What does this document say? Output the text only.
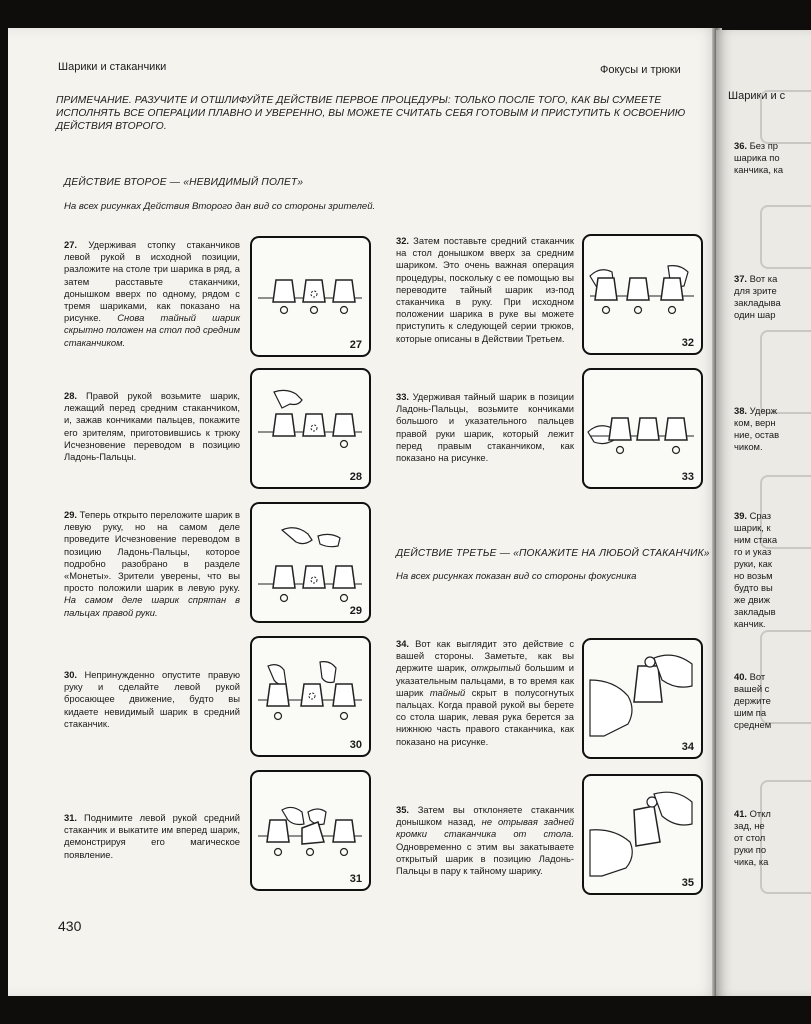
Шарики и с
36. Без пр
шарика по
канчика, ка
37. Вот ка
для зрите
закладыва
один шар
38. Удерж
ком, верн
ние, остав
чиком.
39. Сраз
шарик, к
ним стака
го и указ
руки, как
но возьм
будто вы
же движ
закладыв
канчик.
40. Вот
вашей с
держите
шим па
среднем
41. Откл
зад, не
от стол
руки по
чика, ка
Шарики и стаканчики	Фокусы и трюки
ПРИМЕЧАНИЕ. РАЗУЧИТЕ И ОТШЛИФУЙТЕ ДЕЙСТВИЕ ПЕРВОЕ ПРОЦЕДУРЫ: ТОЛЬКО ПОСЛЕ ТОГО, КАК ВЫ СУМЕЕТЕ ИСПОЛНЯТЬ ВСЕ ОПЕРАЦИИ ПЛАВНО И УВЕРЕННО, ВЫ МОЖЕТЕ СЧИТАТЬ СЕБЯ ГОТОВЫМ И ПРИСТУПИТЬ К ОСВОЕНИЮ ДЕЙСТВИЯ ВТОРОГО.
ДЕЙСТВИЕ ВТОРОЕ — «НЕВИДИМЫЙ ПОЛЕТ»
На всех рисунках Действия Второго дан вид со стороны зрителей.
27. Удерживая стопку стаканчиков левой рукой в исходной позиции, разложите на столе три шарика в ряд, а затем расставьте стаканчики, донышком вверх по одному, рядом с тремя шариками, как показано на рисунке. Снова тайный шарик скрытно положен на стол под средним стаканчиком.
28. Правой рукой возьмите шарик, лежащий перед средним стаканчиком, и, зажав кончиками пальцев, покажите его зрителям, приготовившись к трюку Исчезновение переводом в позицию Ладонь-Пальцы.
29. Теперь открыто переложите шарик в левую руку, но на самом деле проведите Исчезновение переводом в позицию Ладонь-Пальцы, которое подробно разобрано в разделе «Монеты». Зрители уверены, что вы просто положили шарик в левую руку. На самом деле шарик спрятан в пальцах правой руки.
30. Непринужденно опустите правую руку и сделайте левой рукой бросающее движение, будто вы кидаете невидимый шарик в средний стаканчик.
31. Поднимите левой рукой средний стаканчик и выкатите им вперед шарик, демонстрируя его магическое появление.
32. Затем поставьте средний стаканчик на стол донышком вверх за средним шариком. Это очень важная операция процедуры, поскольку с ее помощью вы переводите тайный шарик из-под стаканчика в руку. При исходном положении шарика в руке вы можете приступить к следующей серии трюков, которые описаны в Действии Третьем.
33. Удерживая тайный шарик в позиции Ладонь-Пальцы, возьмите кончиками большого и указательного пальцев правой руки шарик, который лежит перед правым стаканчиком, как показано на рисунке.
ДЕЙСТВИЕ ТРЕТЬЕ — «ПОКАЖИТЕ НА ЛЮБОЙ СТАКАНЧИК»
На всех рисунках показан вид со стороны фокусника
34. Вот как выглядит это действие с вашей стороны. Заметьте, как вы держите шарик, открытый большим и указательным пальцами, в то время как шарик тайный скрыт в полусогнутых пальцах. Когда правой рукой вы берете со стола шарик, левая рука берется за нижнюю часть правого стаканчика, как показано на рисунке.
35. Затем вы отклоняете стаканчик донышком назад, не отрывая задней кромки стаканчика от стола. Одновременно с этим вы закатываете открытый шарик в позицию Ладонь-Пальцы в пару к тайному шарику.
27
28
29
30
31
32
33
34
35
430
